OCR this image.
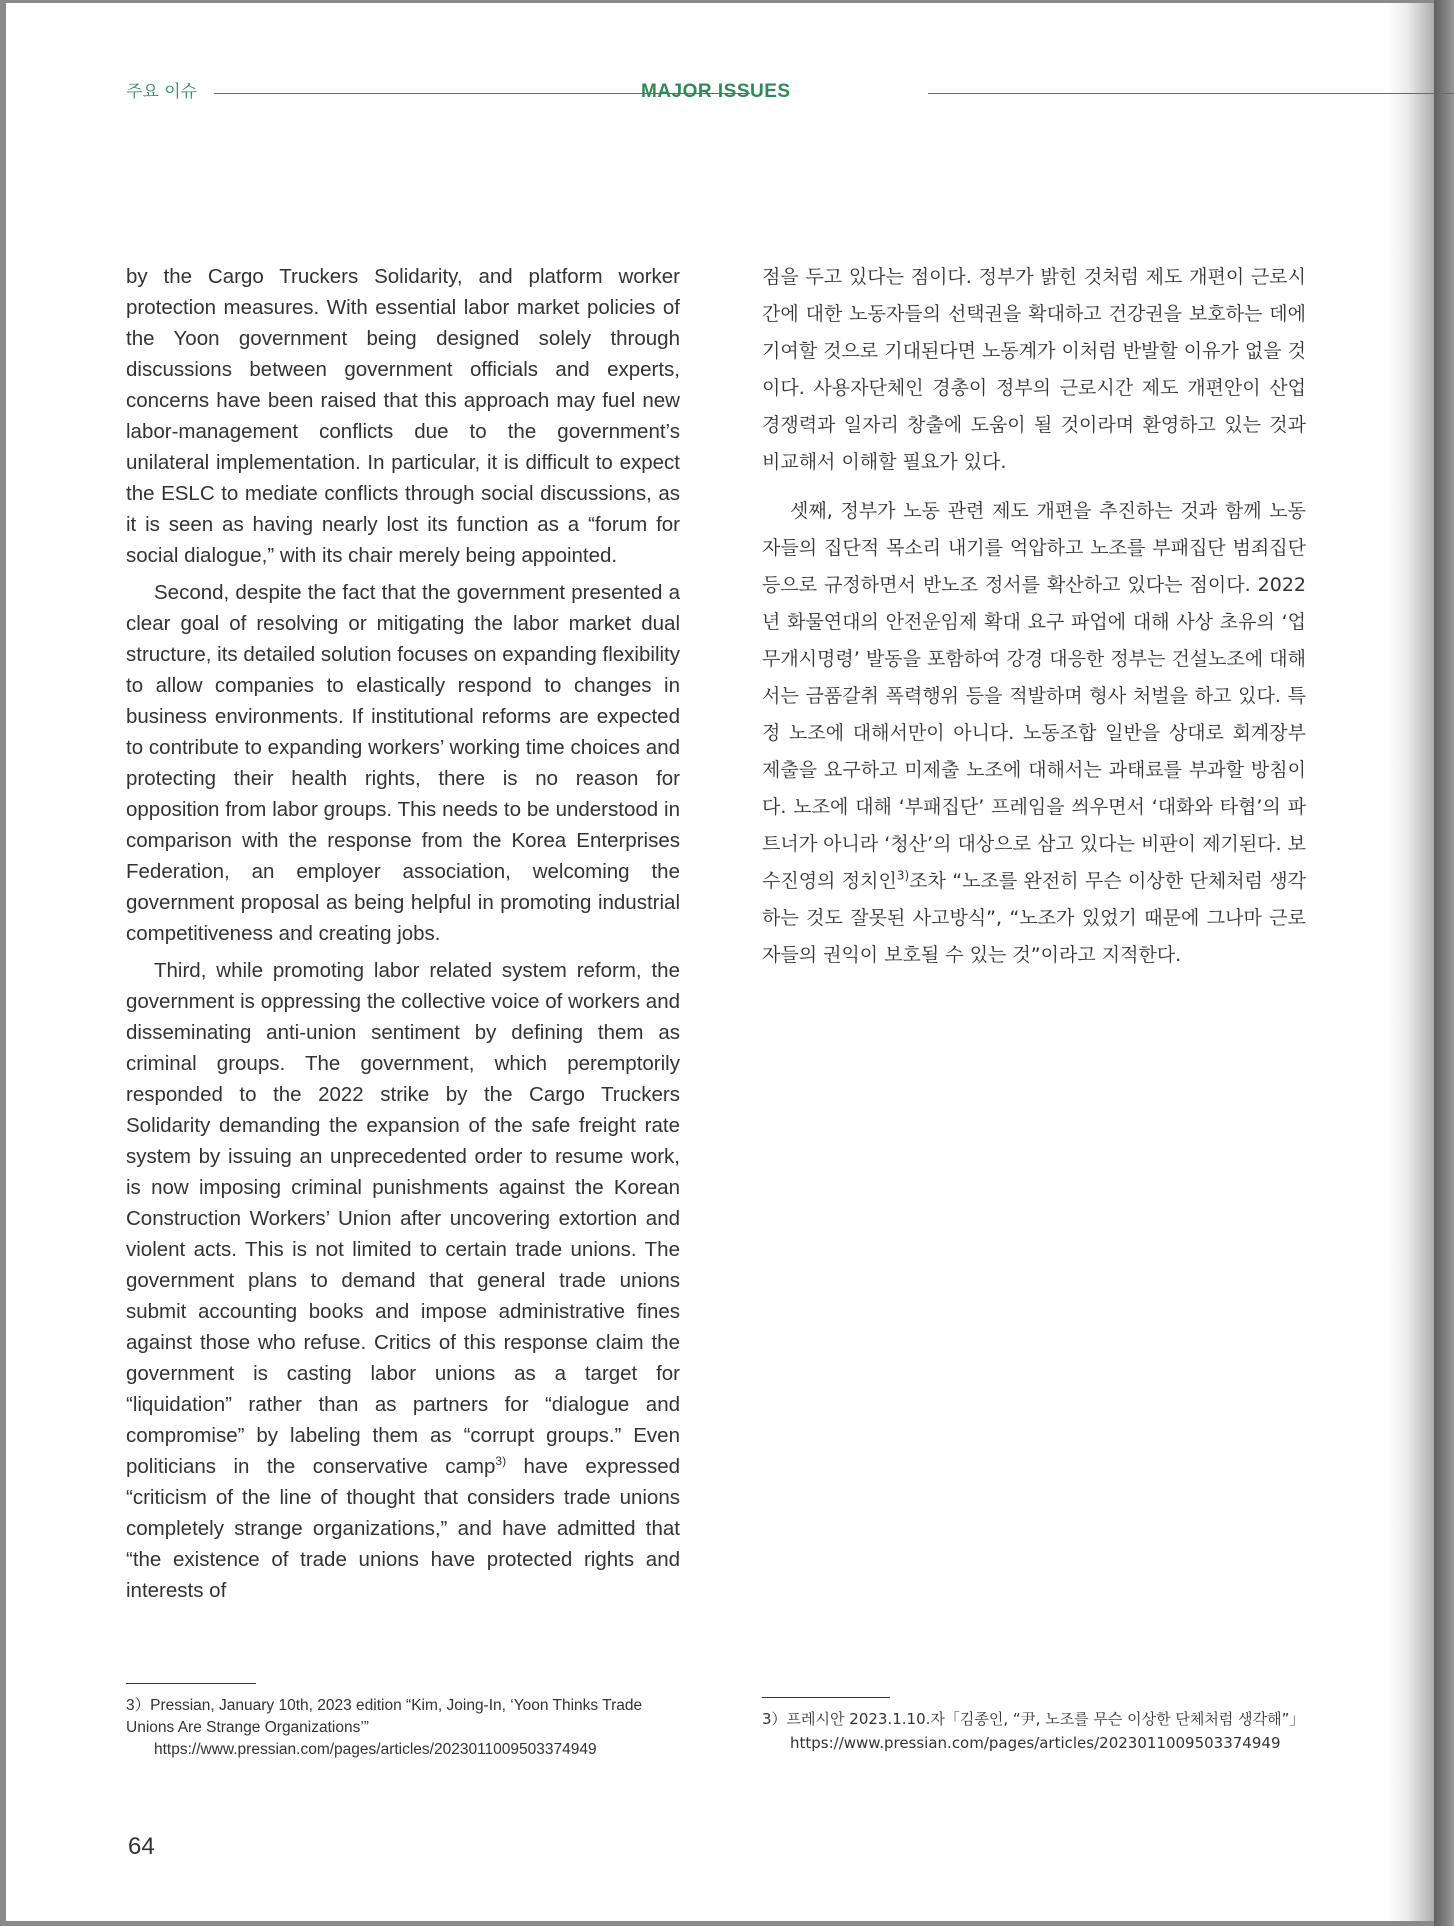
주요 이슈	MAJOR ISSUES

by the Cargo Truckers Solidarity, and platform worker protection measures. With essential labor market policies of the Yoon government being designed solely through discussions between government officials and experts, concerns have been raised that this approach may fuel new labor-management conflicts due to the government’s unilateral implementation. In particular, it is difficult to expect the ESLC to mediate conflicts through social discussions, as it is seen as having nearly lost its function as a “forum for social dialogue,” with its chair merely being appointed.

Second, despite the fact that the government presented a clear goal of resolving or mitigating the labor market dual structure, its detailed solution focuses on expanding flexibility to allow companies to elastically respond to changes in business environments. If institutional reforms are expected to contribute to expanding workers’ working time choices and protecting their health rights, there is no reason for opposition from labor groups. This needs to be understood in comparison with the response from the Korea Enterprises Federation, an employer association, welcoming the government proposal as being helpful in promoting industrial competitiveness and creating jobs.

Third, while promoting labor related system reform, the government is oppressing the collective voice of workers and disseminating anti-union sentiment by defining them as criminal groups. The government, which peremptorily responded to the 2022 strike by the Cargo Truckers Solidarity demanding the expansion of the safe freight rate system by issuing an unprecedented order to resume work, is now imposing criminal punishments against the Korean Construction Workers’ Union after uncovering extortion and violent acts. This is not limited to certain trade unions. The government plans to demand that general trade unions submit accounting books and impose administrative fines against those who refuse. Critics of this response claim the government is casting labor unions as a target for “liquidation” rather than as partners for “dialogue and compromise” by labeling them as “corrupt groups.” Even politicians in the conservative camp$^{3)}$ have expressed “criticism of the line of thought that considers trade unions completely strange organizations,” and have admitted that “the existence of trade unions have protected rights and interests of

점을 두고 있다는 점이다. 정부가 밝힌 것처럼 제도 개편이 근로시간에 대한 노동자들의 선택권을 확대하고 건강권을 보호하는 데에 기여할 것으로 기대된다면 노동계가 이처럼 반발할 이유가 없을 것이다. 사용자단체인 경총이 정부의 근로시간 제도 개편안이 산업 경쟁력과 일자리 창출에 도움이 될 것이라며 환영하고 있는 것과 비교해서 이해할 필요가 있다.

셋째, 정부가 노동 관련 제도 개편을 추진하는 것과 함께 노동자들의 집단적 목소리 내기를 억압하고 노조를 부패집단 범죄집단 등으로 규정하면서 반노조 정서를 확산하고 있다는 점이다. 2022년 화물연대의 안전운임제 확대 요구 파업에 대해 사상 초유의 ‘업무개시명령’ 발동을 포함하여 강경 대응한 정부는 건설노조에 대해서는 금품갈취 폭력행위 등을 적발하며 형사 처벌을 하고 있다. 특정 노조에 대해서만이 아니다. 노동조합 일반을 상대로 회계장부 제출을 요구하고 미제출 노조에 대해서는 과태료를 부과할 방침이다. 노조에 대해 ‘부패집단’ 프레임을 씌우면서 ‘대화와 타협’의 파트너가 아니라 ‘청산’의 대상으로 삼고 있다는 비판이 제기된다. 보수진영의 정치인$^{3)}$조차 “노조를 완전히 무슨 이상한 단체처럼 생각하는 것도 잘못된 사고방식”, “노조가 있었기 때문에 그나마 근로자들의 권익이 보호될 수 있는 것”이라고 지적한다.

3）Pressian, January 10th, 2023 edition “Kim, Joing-In, ‘Yoon Thinks Trade Unions Are Strange Organizations’”
https://www.pressian.com/pages/articles/2023011009503374949
3）프레시안 2023.1.10.자「김종인, “尹, 노조를 무슨 이상한 단체처럼 생각해”」
https://www.pressian.com/pages/articles/2023011009503374949
64
